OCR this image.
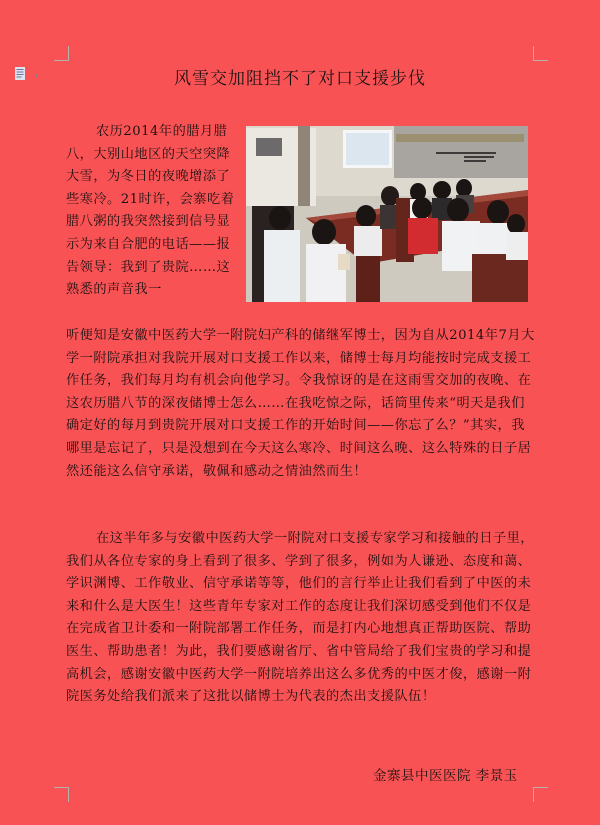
风雪交加阻挡不了对口支援步伐

农历2014年的腊月腊八，大别山地区的天空突降大雪，为冬日的夜晚增添了些寒冷。21时许，会寨吃着腊八粥的我突然接到信号显示为来自合肥的电话——报告领导：我到了贵院……这熟悉的声音我一

听便知是安徽中医药大学一附院妇产科的储继军博士，因为自从2014年7月大学一附院承担对我院开展对口支援工作以来，储博士每月均能按时完成支援工作任务，我们每月均有机会向他学习。令我惊讶的是在这雨雪交加的夜晚、在这农历腊八节的深夜储博士怎么……在我吃惊之际，话筒里传来“明天是我们确定好的每月到贵院开展对口支援工作的开始时间——你忘了么？”其实，我哪里是忘记了，只是没想到在今天这么寒冷、时间这么晚、这么特殊的日子居然还能这么信守承诺，敬佩和感动之情油然而生！

在这半年多与安徽中医药大学一附院对口支援专家学习和接触的日子里，我们从各位专家的身上看到了很多、学到了很多，例如为人谦逊、态度和蔼、学识渊博、工作敬业、信守承诺等等，他们的言行举止让我们看到了中医的未来和什么是大医生！这些青年专家对工作的态度让我们深切感受到他们不仅是在完成省卫计委和一附院部署工作任务，而是打内心地想真正帮助医院、帮助医生、帮助患者！为此，我们要感谢省厅、省中管局给了我们宝贵的学习和提高机会，感谢安徽中医药大学一附院培养出这么多优秀的中医才俊，感谢一附院医务处给我们派来了这批以储博士为代表的杰出支援队伍！

金寨县中医医院 李景玉
